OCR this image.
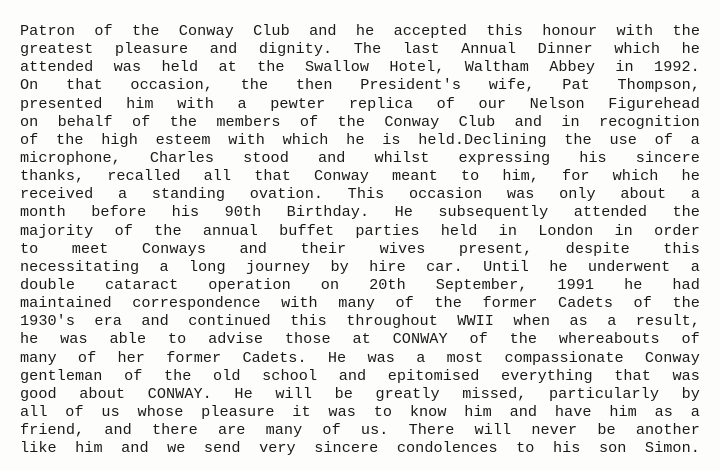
Patron of the Conway Club and he accepted this honour with the
greatest pleasure and dignity. The last Annual Dinner which he
attended was held at the Swallow Hotel, Waltham Abbey in 1992.
On that occasion, the then President's wife, Pat Thompson,
presented him with a pewter replica of our Nelson Figurehead
on behalf of the members of the Conway Club and in recognition
of the high esteem with which he is held.Declining the use of a
microphone, Charles stood and whilst expressing his sincere
thanks, recalled all that Conway meant to him, for which he
received a standing ovation. This occasion was only about a
month before his 90th Birthday. He subsequently attended the
majority of the annual buffet parties held in London in order
to meet Conways and their wives present, despite this
necessitating a long journey by hire car. Until he underwent a
double cataract operation on 20th September, 1991 he had
maintained correspondence with many of the former Cadets of the
1930's era and continued this throughout WWII when as a result,
he was able to advise those at CONWAY of the whereabouts of
many of her former Cadets. He was a most compassionate Conway
gentleman of the old school and epitomised everything that was
good about CONWAY. He will be greatly missed, particularly by
all of us whose pleasure it was to know him and have him as a
friend, and there are many of us. There will never be another
like him and we send very sincere condolences to his son Simon.
